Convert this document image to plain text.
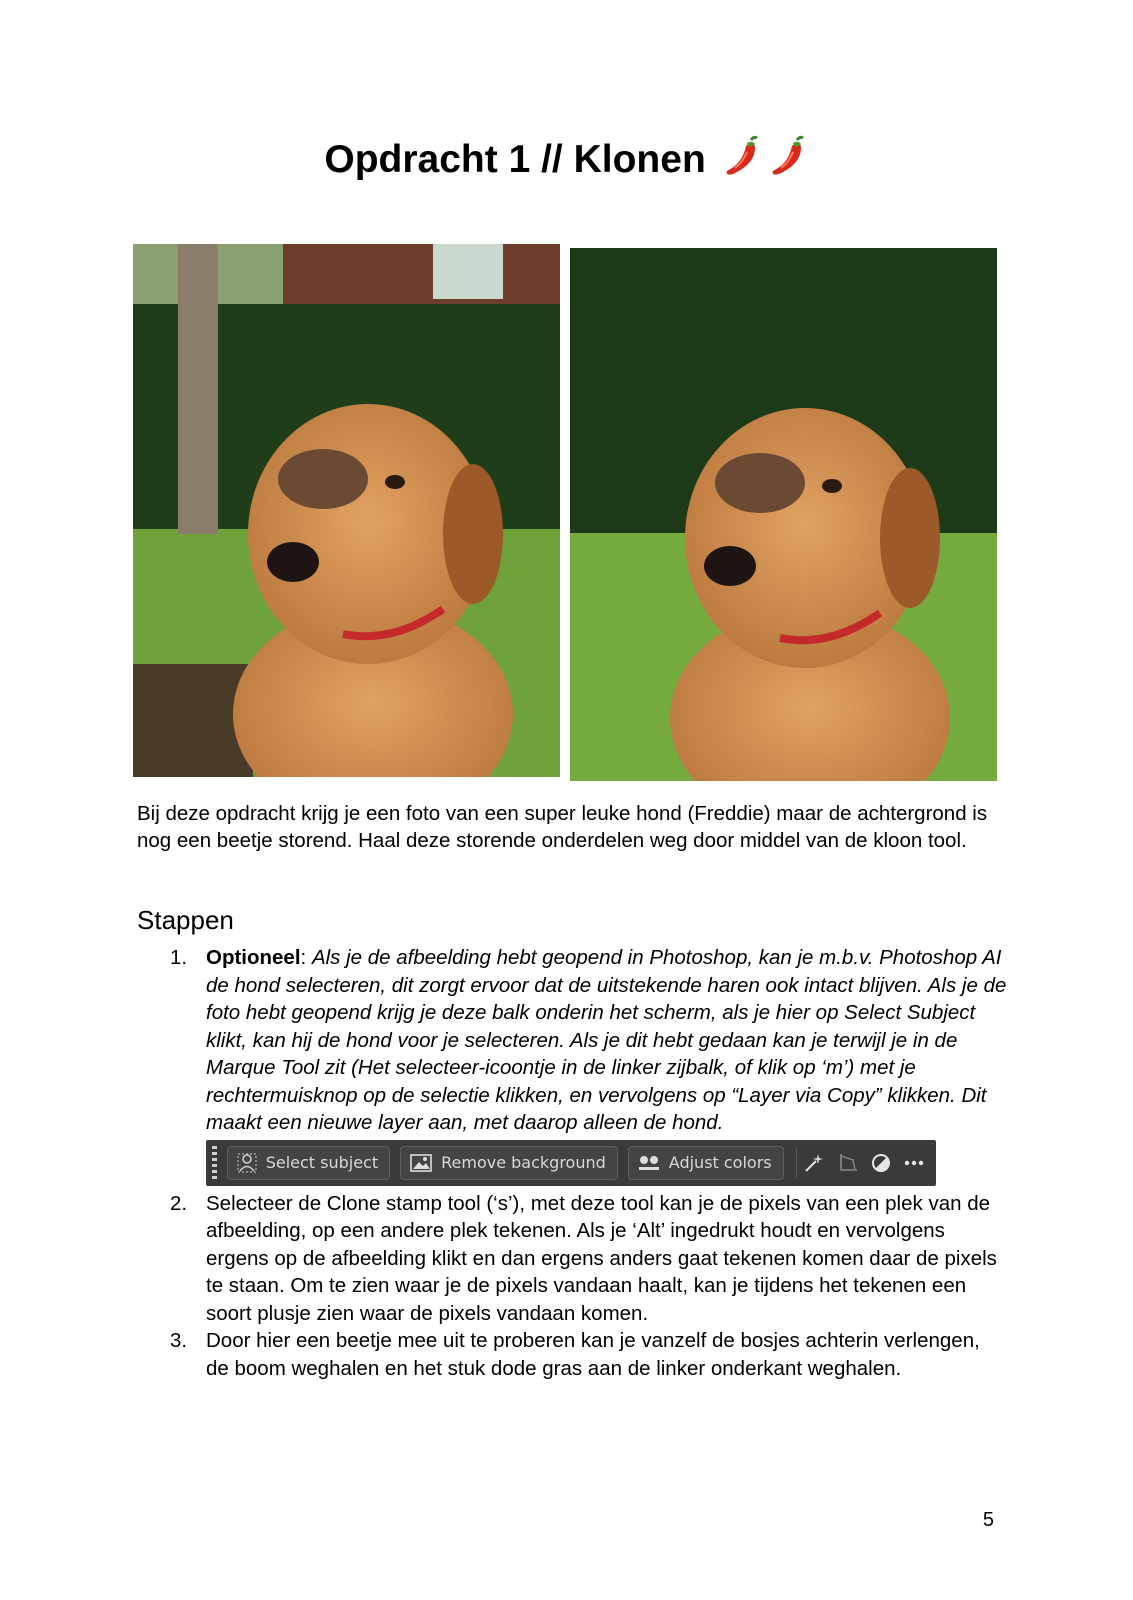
Opdracht 1 // Klonen
Bij deze opdracht krijg je een foto van een super leuke hond (Freddie) maar de achtergrond is nog een beetje storend. Haal deze storende onderdelen weg door middel van de kloon tool.
Stappen
1. Optioneel: Als je de afbeelding hebt geopend in Photoshop, kan je m.b.v. Photoshop AI de hond selecteren, dit zorgt ervoor dat de uitstekende haren ook intact blijven. Als je de foto hebt geopend krijg je deze balk onderin het scherm, als je hier op Select Subject klikt, kan hij de hond voor je selecteren. Als je dit hebt gedaan kan je terwijl je in de Marque Tool zit (Het selecteer-icoontje in de linker zijbalk, of klik op ‘m’) met je rechtermuisknop op de selectie klikken, en vervolgens op “Layer via Copy” klikken. Dit maakt een nieuwe layer aan, met daarop alleen de hond.
Select subject	Remove background	Adjust colors
2. Selecteer de Clone stamp tool (‘s’), met deze tool kan je de pixels van een plek van de afbeelding, op een andere plek tekenen. Als je ‘Alt’ ingedrukt houdt en vervolgens ergens op de afbeelding klikt en dan ergens anders gaat tekenen komen daar de pixels te staan. Om te zien waar je de pixels vandaan haalt, kan je tijdens het tekenen een soort plusje zien waar de pixels vandaan komen.
3. Door hier een beetje mee uit te proberen kan je vanzelf de bosjes achterin verlengen, de boom weghalen en het stuk dode gras aan de linker onderkant weghalen.
5
